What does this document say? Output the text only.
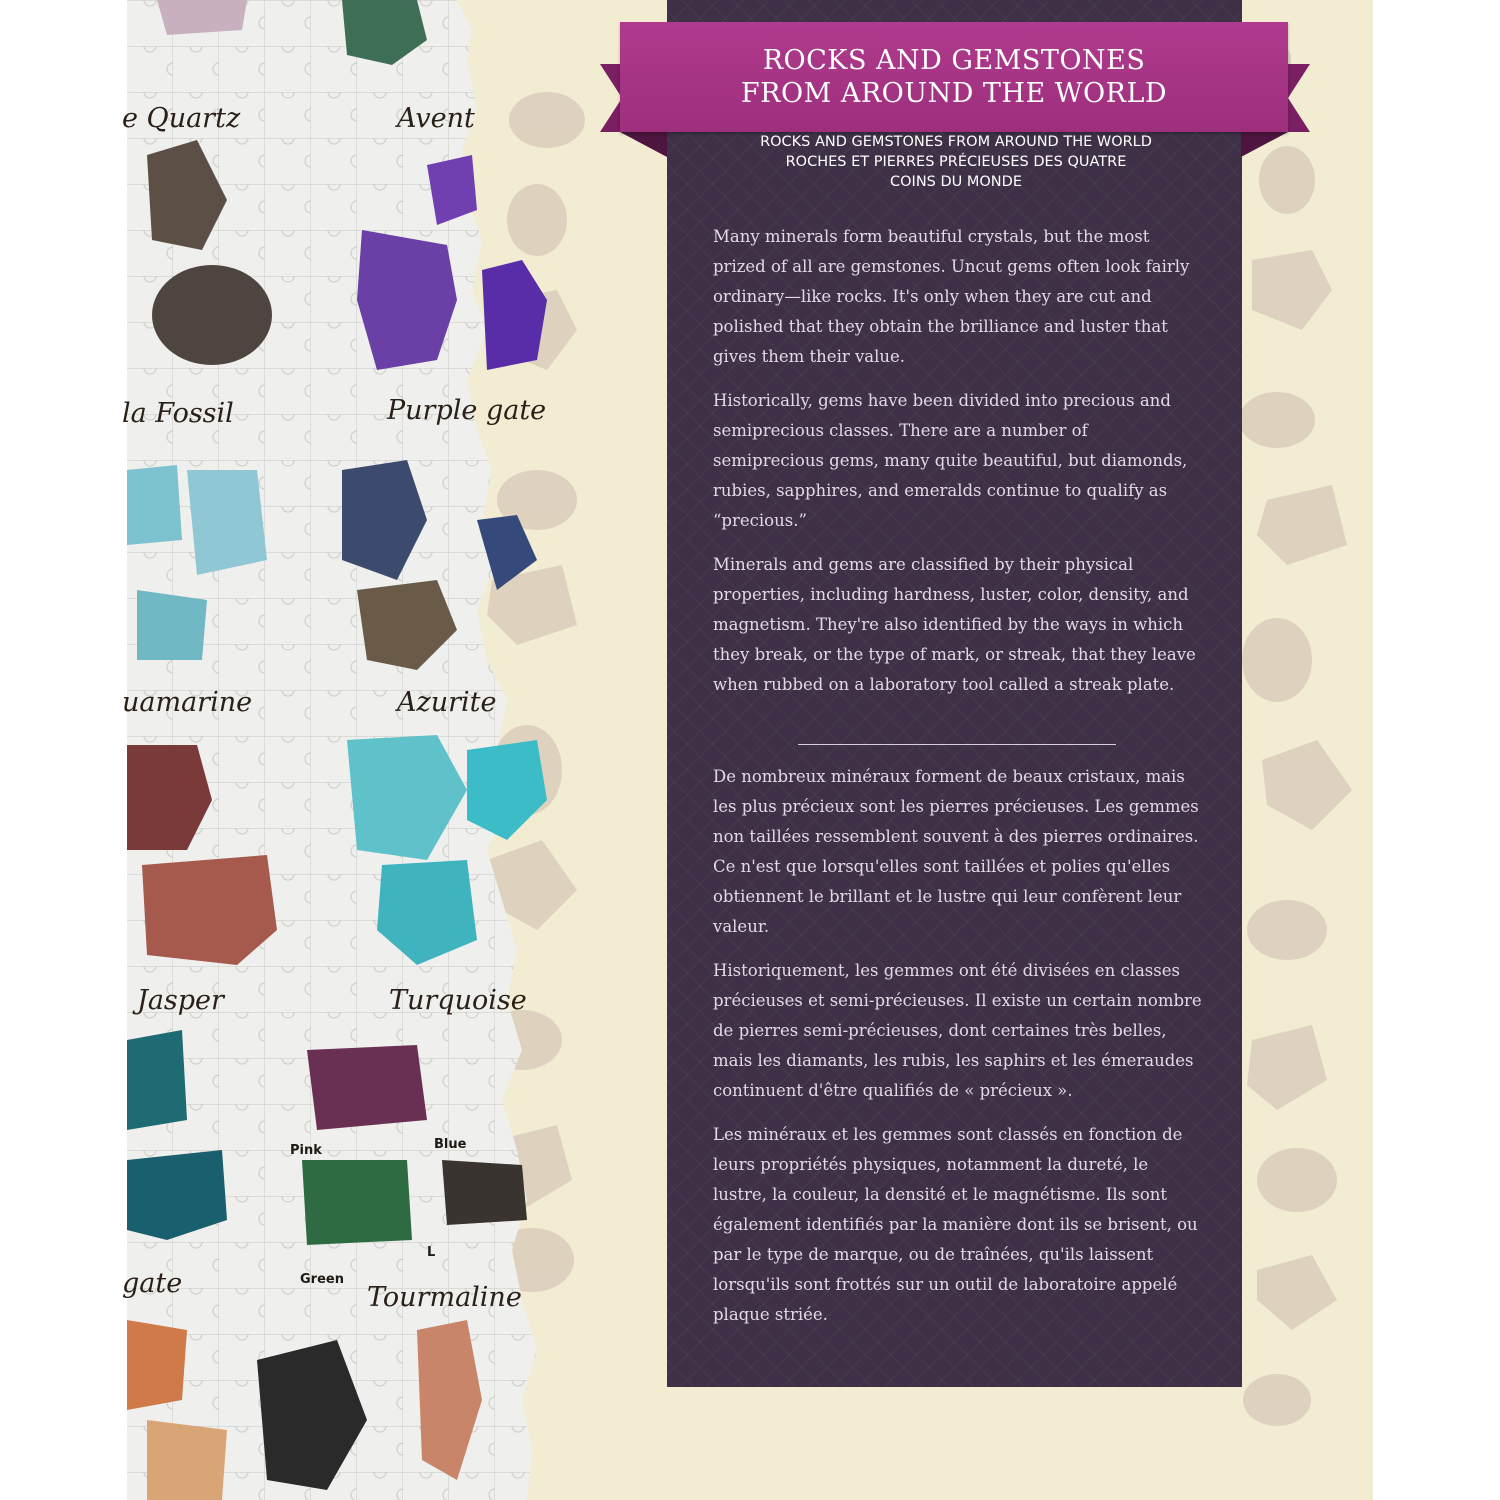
e Quartz	Avent
la Fossil	Purple gate
uamarine	Azurite
Jasper	Turquoise
gate	Tourmaline
Pink	Blue
Green
L
ROCKS AND GEMSTONES
FROM AROUND THE WORLD
ROCKS AND GEMSTONES FROM AROUND THE WORLD
ROCHES ET PIERRES PRÉCIEUSES DES QUATRE
COINS DU MONDE

Many minerals form beautiful crystals, but the most prized of all are gemstones. Uncut gems often look fairly ordinary—like rocks. It's only when they are cut and polished that they obtain the brilliance and luster that gives them their value.

Historically, gems have been divided into precious and semiprecious classes. There are a number of semiprecious gems, many quite beautiful, but diamonds, rubies, sapphires, and emeralds continue to qualify as “precious.”

Minerals and gems are classified by their physical properties, including hardness, luster, color, density, and magnetism. They're also identified by the ways in which they break, or the type of mark, or streak, that they leave when rubbed on a laboratory tool called a streak plate.

De nombreux minéraux forment de beaux cristaux, mais les plus précieux sont les pierres précieuses. Les gemmes non taillées ressemblent souvent à des pierres ordinaires. Ce n'est que lorsqu'elles sont taillées et polies qu'elles obtiennent le brillant et le lustre qui leur confèrent leur valeur.

Historiquement, les gemmes ont été divisées en classes précieuses et semi-précieuses. Il existe un certain nombre de pierres semi-précieuses, dont certaines très belles, mais les diamants, les rubis, les saphirs et les émeraudes continuent d'être qualifiés de « précieux ».

Les minéraux et les gemmes sont classés en fonction de leurs propriétés physiques, notamment la dureté, le lustre, la couleur, la densité et le magnétisme. Ils sont également identifiés par la manière dont ils se brisent, ou par le type de marque, ou de traînées, qu'ils laissent lorsqu'ils sont frottés sur un outil de laboratoire appelé plaque striée.
